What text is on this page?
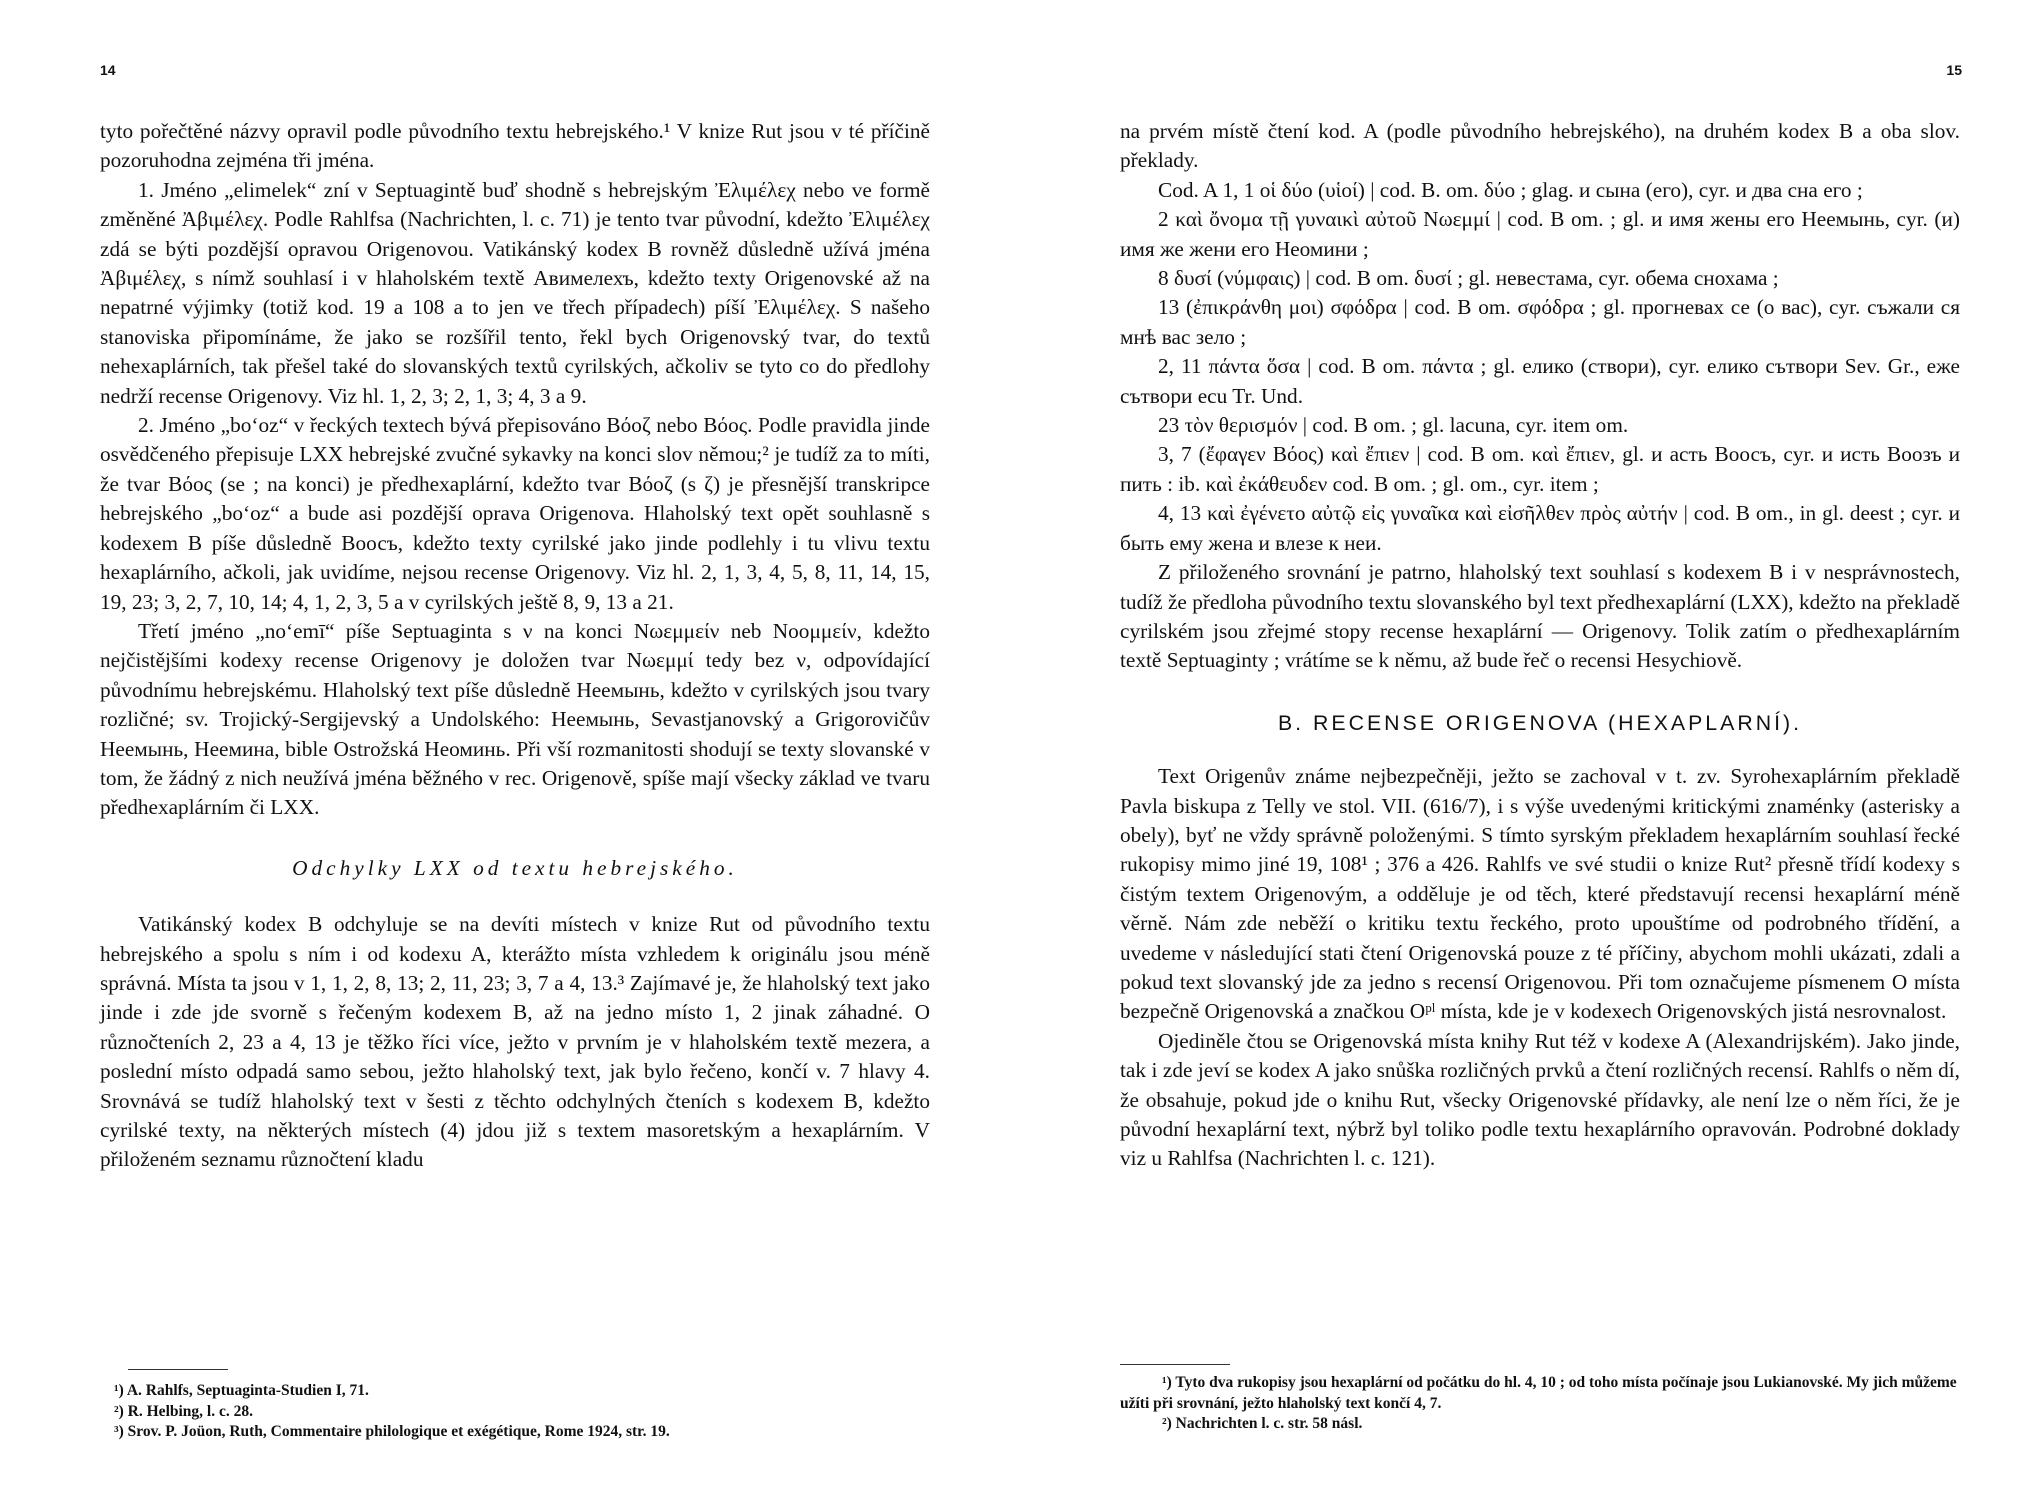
14

tyto pořečtěné názvy opravil podle původního textu hebrejského.¹ V knize Rut jsou v té příčině pozoruhodna zejména tři jména.

1. Jméno „elimelek“ zní v Septuagintě buď shodně s hebrejským Ἐλιμέλεχ nebo ve formě změněné Ἀβιμέλεχ. Podle Rahlfsa (Nachrichten, l. c. 71) je tento tvar původní, kdežto Ἐλιμέλεχ zdá se býti pozdější opravou Origenovou. Vatikánský kodex B rovněž důsledně užívá jména Ἀβιμέλεχ, s nímž souhlasí i v hlaholském textě Авимелехъ, kdežto texty Origenovské až na nepatrné výjimky (totiž kod. 19 a 108 a to jen ve třech případech) píší Ἐλιμέλεχ. S našeho stanoviska připomínáme, že jako se rozšířil tento, řekl bych Origenovský tvar, do textů nehexaplárních, tak přešel také do slovanských textů cyrilských, ačkoliv se tyto co do předlohy nedrží recense Origenovy. Viz hl. 1, 2, 3; 2, 1, 3; 4, 3 a 9.

2. Jméno „bo‘oz“ v řeckých textech bývá přepisováno Βόοζ nebo Βόος. Podle pravidla jinde osvědčeného přepisuje LXX hebrejské zvučné sykavky na konci slov němou;² je tudíž za to míti, že tvar Βόος (se ; na konci) je předhexaplární, kdežto tvar Βόοζ (s ζ) je přesnější transkripce hebrejského „bo‘oz“ a bude asi pozdější oprava Origenova. Hlaholský text opět souhlasně s kodexem B píše důsledně Воосъ, kdežto texty cyrilské jako jinde podlehly i tu vlivu textu hexaplárního, ačkoli, jak uvidíme, nejsou recense Origenovy. Viz hl. 2, 1, 3, 4, 5, 8, 11, 14, 15, 19, 23; 3, 2, 7, 10, 14; 4, 1, 2, 3, 5 a v cyrilských ještě 8, 9, 13 a 21.

Třetí jméno „no‘emī“ píše Septuaginta s ν na konci Νωεμμείν neb Νοομμείν, kdežto nejčistějšími kodexy recense Origenovy je doložen tvar Νωεμμί tedy bez ν, odpovídající původnímu hebrejskému. Hlaholský text píše důsledně Неемынь, kdežto v cyrilských jsou tvary rozličné; sv. Trojický-Sergijevský a Undolského: Неемынь, Sevastjanovský a Grigorovičův Неемынь, Неемина, bible Ostrožská Неоминь. Při vší rozmanitosti shodují se texty slovanské v tom, že žádný z nich neužívá jména běžného v rec. Origenově, spíše mají všecky základ ve tvaru předhexaplárním či LXX.

Odchylky LXX od textu hebrejského.

Vatikánský kodex B odchyluje se na devíti místech v knize Rut od původního textu hebrejského a spolu s ním i od kodexu A, kterážto místa vzhledem k originálu jsou méně správná. Místa ta jsou v 1, 1, 2, 8, 13; 2, 11, 23; 3, 7 a 4, 13.³ Zajímavé je, že hlaholský text jako jinde i zde jde svorně s řečeným kodexem B, až na jedno místo 1, 2 jinak záhadné. O různočteních 2, 23 a 4, 13 je těžko říci více, ježto v prvním je v hlaholském textě mezera, a poslední místo odpadá samo sebou, ježto hlaholský text, jak bylo řečeno, končí v. 7 hlavy 4. Srovnává se tudíž hlaholský text v šesti z těchto odchylných čteních s kodexem B, kdežto cyrilské texty, na některých místech (4) jdou již s textem masoretským a hexaplárním. V přiloženém seznamu různočtení kladu

¹) A. Rahlfs, Septuaginta-Studien I, 71.

²) R. Helbing, l. c. 28.

³) Srov. P. Joüon, Ruth, Commentaire philologique et exégétique, Rome 1924, str. 19.

15

na prvém místě čtení kod. A (podle původního hebrejského), na druhém kodex B a oba slov. překlady.

Cod. A 1, 1 οἱ δύο (υἱοί) | cod. B. om. δύο ; glag. и сына (его), cyr. и два сна его ;

2 καὶ ὄνομα τῇ γυναικὶ αὐτοῦ Νωεμμί | cod. B om. ; gl. и имя жены его Неемынь, cyr. (и) имя же жени его Неомини ;

8 δυσί (νύμφαις) | cod. B om. δυσί ; gl. невестама, cyr. обема снохама ;

13 (ἐπικράνθη μοι) σφόδρα | cod. B om. σφόδρα ; gl. прогневах се (о вас), cyr. съжали ся мнѣ вас зело ;

2, 11 πάντα ὅσα | cod. B om. πάντα ; gl. елико (створи), cyr. елико сътвори Sev. Gr., еже сътвори ecu Tr. Und.

23 τὸν θερισμόν | cod. B om. ; gl. lacuna, cyr. item om.

3, 7 (ἔφαγεν Βόος) καὶ ἔπιεν | cod. B om. καὶ ἔπιεν, gl. и асть Воосъ, cyr. и исть Воозъ и пить : ib. καὶ ἐκάθευδεν cod. B om. ; gl. om., cyr. item ;

4, 13 καὶ ἐγένετο αὐτῷ εἰς γυναῖκα καὶ εἰσῆλθεν πρὸς αὐτήν | cod. B om., in gl. deest ; cyr. и быть ему жена и влезе к неи.

Z přiloženého srovnání je patrno, hlaholský text souhlasí s kodexem B i v nesprávnostech, tudíž že předloha původního textu slovanského byl text předhexaplární (LXX), kdežto na překladě cyrilském jsou zřejmé stopy recense hexaplární — Origenovy. Tolik zatím o předhexaplárním textě Septuaginty ; vrátíme se k němu, až bude řeč o recensi Hesychiově.

B. RECENSE ORIGENOVA (HEXAPLARNÍ).

Text Origenův známe nejbezpečněji, ježto se zachoval v t. zv. Syrohexaplárním překladě Pavla biskupa z Telly ve stol. VII. (616/7), i s výše uvedenými kritickými znaménky (asterisky a obely), byť ne vždy správně položenými. S tímto syrským překladem hexaplárním souhlasí řecké rukopisy mimo jiné 19, 108¹ ; 376 a 426. Rahlfs ve své studii o knize Rut² přesně třídí kodexy s čistým textem Origenovým, a odděluje je od těch, které představují recensi hexaplární méně věrně. Nám zde neběží o kritiku textu řeckého, proto upouštíme od podrobného třídění, a uvedeme v následující stati čtení Origenovská pouze z té příčiny, abychom mohli ukázati, zdali a pokud text slovanský jde za jedno s recensí Origenovou. Při tom označujeme písmenem O místa bezpečně Origenovská a značkou Oᵖˡ místa, kde je v kodexech Origenovských jistá nesrovnalost.

Ojediněle čtou se Origenovská místa knihy Rut též v kodexe A (Alexandrijském). Jako jinde, tak i zde jeví se kodex A jako snůška rozličných prvků a čtení rozličných recensí. Rahlfs o něm dí, že obsahuje, pokud jde o knihu Rut, všecky Origenovské přídavky, ale není lze o něm říci, že je původní hexaplární text, nýbrž byl toliko podle textu hexaplárního opravován. Podrobné doklady viz u Rahlfsa (Nachrichten l. c. 121).

¹) Tyto dva rukopisy jsou hexaplární od počátku do hl. 4, 10 ; od toho místa počínaje jsou Lukianovské. My jich můžeme užíti při srovnání, ježto hlaholský text končí 4, 7.

²) Nachrichten l. c. str. 58 násl.
